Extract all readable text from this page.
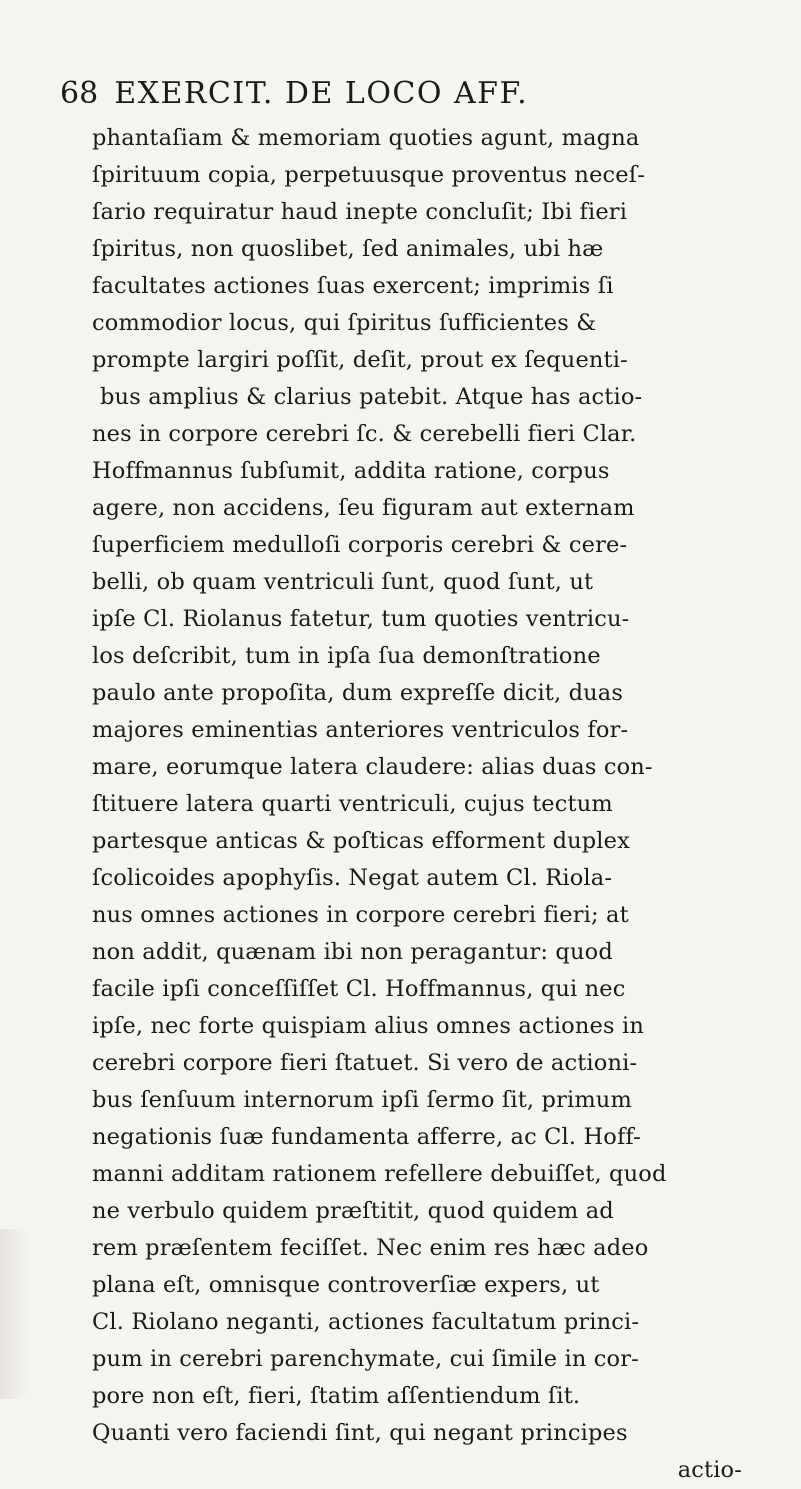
68 EXERCIT. DE LOCO AFF.
phantaſiam & memoriam quoties agunt, magna
ſpirituum copia, perpetuusque proventus neceſ-
ſario requiratur haud inepte concluſit; Ibi fieri
ſpiritus, non quoslibet, ſed animales, ubi hæ
facultates actiones ſuas exercent; imprimis ſi
commodior locus, qui ſpiritus ſufficientes &
prompte largiri poſſit, deſit, prout ex ſequenti-
bus amplius & clarius patebit. Atque has actio-
nes in corpore cerebri ſc. & cerebelli fieri Clar.
Hoffmannus ſubſumit, addita ratione, corpus
agere, non accidens, ſeu figuram aut externam
ſuperficiem medulloſi corporis cerebri & cere-
belli, ob quam ventriculi ſunt, quod ſunt, ut
ipſe Cl. Riolanus fatetur, tum quoties ventricu-
los deſcribit, tum in ipſa ſua demonſtratione
paulo ante propoſita, dum expreſſe dicit, duas
majores eminentias anteriores ventriculos for-
mare, eorumque latera claudere: alias duas con-
ſtituere latera quarti ventriculi, cujus tectum
partesque anticas & poſticas efforment duplex
ſcolicoides apophyſis. Negat autem Cl. Riola-
nus omnes actiones in corpore cerebri fieri; at
non addit, quænam ibi non peragantur: quod
facile ipſi conceſſiſſet Cl. Hoffmannus, qui nec
ipſe, nec forte quispiam alius omnes actiones in
cerebri corpore fieri ſtatuet. Si vero de actioni-
bus ſenſuum internorum ipſi ſermo ſit, primum
negationis ſuæ fundamenta afferre, ac Cl. Hoff-
manni additam rationem refellere debuiſſet, quod
ne verbulo quidem præſtitit, quod quidem ad
rem præſentem feciſſet. Nec enim res hæc adeo
plana eſt, omnisque controverſiæ expers, ut
Cl. Riolano neganti, actiones facultatum princi-
pum in cerebri parenchymate, cui ſimile in cor-
pore non eſt, fieri, ſtatim aſſentiendum ſit.
Quanti vero faciendi ſint, qui negant principes
actio-
